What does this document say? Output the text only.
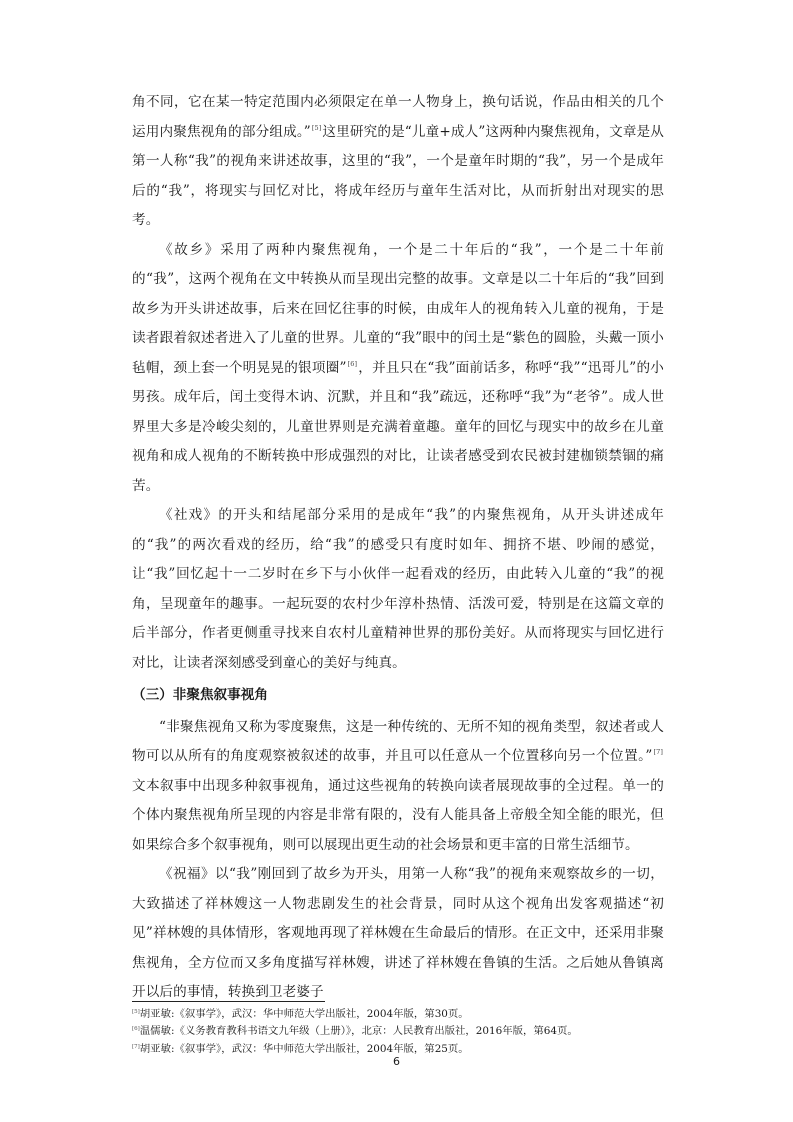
角不同，它在某一特定范围内必须限定在单一人物身上，换句话说，作品由相关的几个运用内聚焦视角的部分组成。”[5]这里研究的是“儿童+成人”这两种内聚焦视角，文章是从第一人称“我”的视角来讲述故事，这里的“我”，一个是童年时期的“我”，另一个是成年后的“我”，将现实与回忆对比，将成年经历与童年生活对比，从而折射出对现实的思考。

《故乡》采用了两种内聚焦视角，一个是二十年后的“我”，一个是二十年前的“我”，这两个视角在文中转换从而呈现出完整的故事。文章是以二十年后的“我”回到故乡为开头讲述故事，后来在回忆往事的时候，由成年人的视角转入儿童的视角，于是读者跟着叙述者进入了儿童的世界。儿童的“我”眼中的闰土是“紫色的圆脸，头戴一顶小毡帽，颈上套一个明晃晃的银项圈”[6]，并且只在“我”面前话多，称呼“我”“迅哥儿”的小男孩。成年后，闰土变得木讷、沉默，并且和“我”疏远，还称呼“我”为“老爷”。成人世界里大多是冷峻尖刻的，儿童世界则是充满着童趣。童年的回忆与现实中的故乡在儿童视角和成人视角的不断转换中形成强烈的对比，让读者感受到农民被封建枷锁禁锢的痛苦。

《社戏》的开头和结尾部分采用的是成年“我”的内聚焦视角，从开头讲述成年的“我”的两次看戏的经历，给“我”的感受只有度时如年、拥挤不堪、吵闹的感觉，让“我”回忆起十一二岁时在乡下与小伙伴一起看戏的经历，由此转入儿童的“我”的视角，呈现童年的趣事。一起玩耍的农村少年淳朴热情、活泼可爱，特别是在这篇文章的后半部分，作者更侧重寻找来自农村儿童精神世界的那份美好。从而将现实与回忆进行对比，让读者深刻感受到童心的美好与纯真。

（三）非聚焦叙事视角

“非聚焦视角又称为零度聚焦，这是一种传统的、无所不知的视角类型，叙述者或人物可以从所有的角度观察被叙述的故事，并且可以任意从一个位置移向另一个位置。”[7]文本叙事中出现多种叙事视角，通过这些视角的转换向读者展现故事的全过程。单一的个体内聚焦视角所呈现的内容是非常有限的，没有人能具备上帝般全知全能的眼光，但如果综合多个叙事视角，则可以展现出更生动的社会场景和更丰富的日常生活细节。

《祝福》以“我”刚回到了故乡为开头，用第一人称“我”的视角来观察故乡的一切，大致描述了祥林嫂这一人物悲剧发生的社会背景，同时从这个视角出发客观描述“初见”祥林嫂的具体情形，客观地再现了祥林嫂在生命最后的情形。在正文中，还采用非聚焦视角，全方位而又多角度描写祥林嫂，讲述了祥林嫂在鲁镇的生活。之后她从鲁镇离开以后的事情，转换到卫老婆子

[5]胡亚敏:《叙事学》，武汉：华中师范大学出版社，2004年版，第30页。

[6]温儒敏:《义务教育教科书语文九年级（上册）》，北京：人民教育出版社，2016年版，第64页。

[7]胡亚敏:《叙事学》，武汉：华中师范大学出版社，2004年版，第25页。

6
